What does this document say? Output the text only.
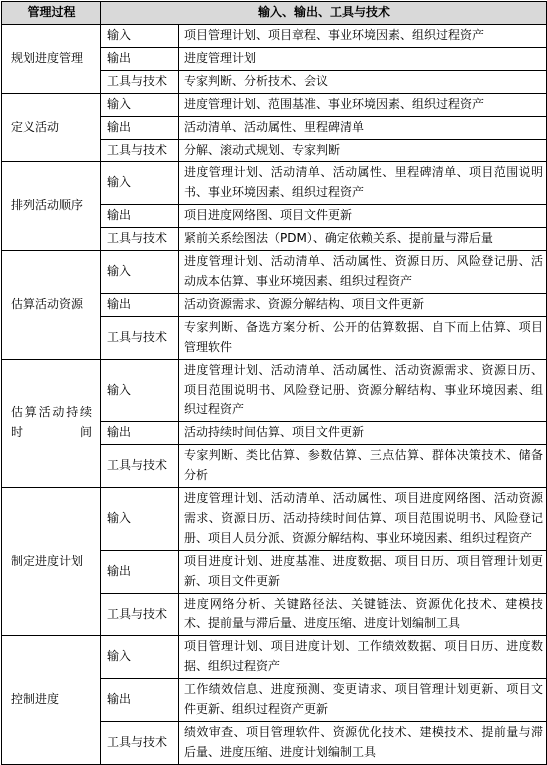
管理过程	输入、输出、工具与技术	
规划进度管理	输入	项目管理计划、项目章程、事业环境因素、组织过程资产
	输出	进度管理计划
	工具与技术	专家判断、分析技术、会议
定义活动	输入	进度管理计划、范围基准、事业环境因素、组织过程资产
	输出	活动清单、活动属性、里程碑清单
	工具与技术	分解、滚动式规划、专家判断
排列活动顺序	输入	进度管理计划、活动清单、活动属性、里程碑清单、项目范围说明书、事业环境因素、组织过程资产
	输出	项目进度网络图、项目文件更新
	工具与技术	紧前关系绘图法（PDM）、确定依赖关系、提前量与滞后量
估算活动资源	输入	进度管理计划、活动清单、活动属性、资源日历、风险登记册、活动成本估算、事业环境因素、组织过程资产
	输出	活动资源需求、资源分解结构、项目文件更新
	工具与技术	专家判断、备选方案分析、公开的估算数据、自下而上估算、项目管理软件
估算活动持续时间	输入	进度管理计划、活动清单、活动属性、活动资源需求、资源日历、项目范围说明书、风险登记册、资源分解结构、事业环境因素、组织过程资产
	输出	活动持续时间估算、项目文件更新
	工具与技术	专家判断、类比估算、参数估算、三点估算、群体决策技术、储备分析
制定进度计划	输入	进度管理计划、活动清单、活动属性、项目进度网络图、活动资源需求、资源日历、活动持续时间估算、项目范围说明书、风险登记册、项目人员分派、资源分解结构、事业环境因素、组织过程资产
	输出	项目进度计划、进度基准、进度数据、项目日历、项目管理计划更新、项目文件更新
	工具与技术	进度网络分析、关键路径法、关键链法、资源优化技术、建模技术、提前量与滞后量、进度压缩、进度计划编制工具
控制进度	输入	项目管理计划、项目进度计划、工作绩效数据、项目日历、进度数据、组织过程资产
	输出	工作绩效信息、进度预测、变更请求、项目管理计划更新、项目文件更新、组织过程资产更新
	工具与技术	绩效审查、项目管理软件、资源优化技术、建模技术、提前量与滞后量、进度压缩、进度计划编制工具
